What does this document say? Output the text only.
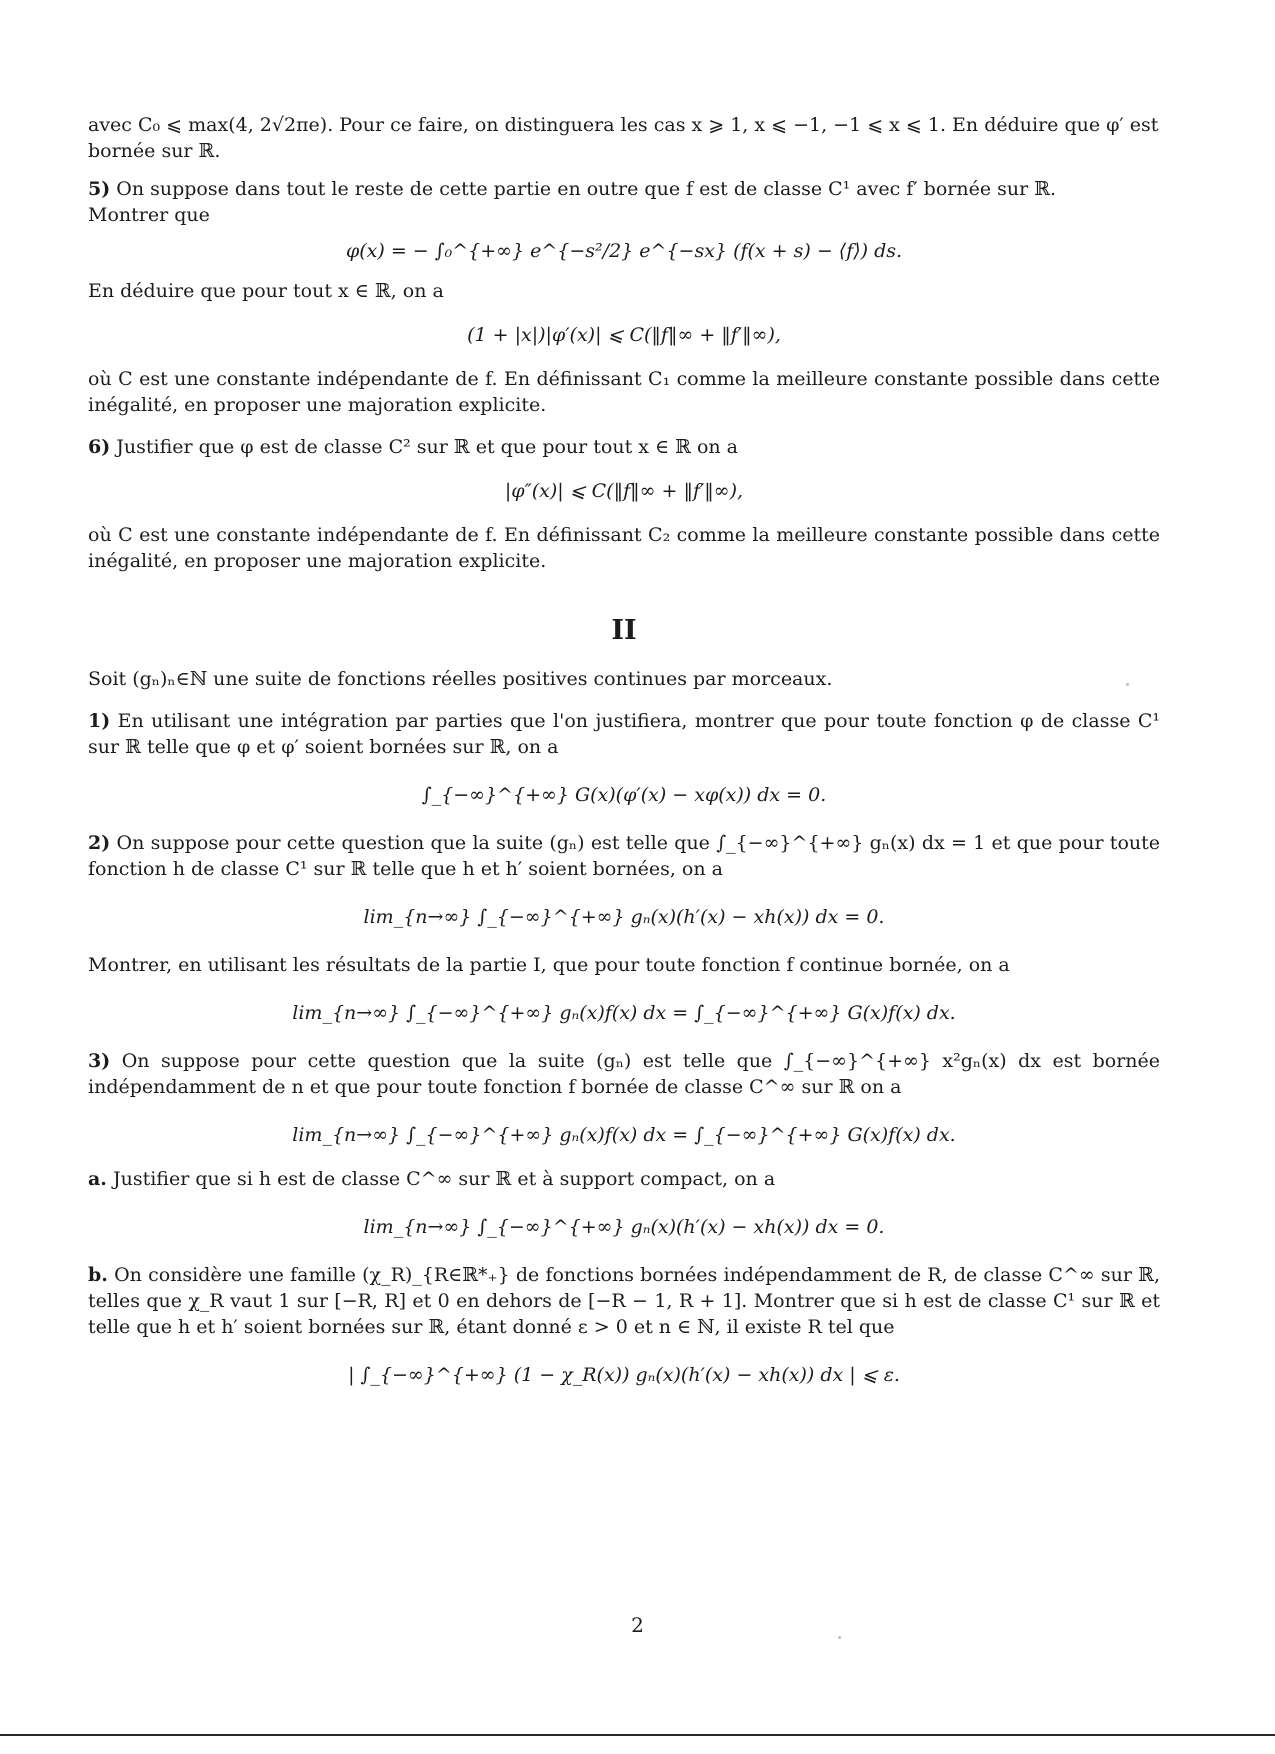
avec C₀ ⩽ max(4, 2√2πe). Pour ce faire, on distinguera les cas x ⩾ 1, x ⩽ −1, −1 ⩽ x ⩽ 1. En déduire que φ′ est
bornée sur ℝ.

5) On suppose dans tout le reste de cette partie en outre que f est de classe C¹ avec f′ bornée sur ℝ.
Montrer que

φ(x) = − ∫₀^{+∞} e^{−s²/2} e^{−sx} (f(x + s) − ⟨f⟩) ds.

En déduire que pour tout x ∈ ℝ, on a

(1 + |x|)|φ′(x)| ⩽ C(‖f‖∞ + ‖f′‖∞),

où C est une constante indépendante de f. En définissant C₁ comme la meilleure constante possible dans cette inégalité, en proposer une majoration explicite.

6) Justifier que φ est de classe C² sur ℝ et que pour tout x ∈ ℝ on a

|φ″(x)| ⩽ C(‖f‖∞ + ‖f′‖∞),

où C est une constante indépendante de f. En définissant C₂ comme la meilleure constante possible dans cette inégalité, en proposer une majoration explicite.

II

Soit (gₙ)ₙ∈ℕ une suite de fonctions réelles positives continues par morceaux.

1) En utilisant une intégration par parties que l'on justifiera, montrer que pour toute fonction φ de classe C¹ sur ℝ telle que φ et φ′ soient bornées sur ℝ, on a

∫_{−∞}^{+∞} G(x)(φ′(x) − xφ(x)) dx = 0.

2) On suppose pour cette question que la suite (gₙ) est telle que ∫_{−∞}^{+∞} gₙ(x) dx = 1 et que pour toute fonction h de classe C¹ sur ℝ telle que h et h′ soient bornées, on a

lim_{n→∞} ∫_{−∞}^{+∞} gₙ(x)(h′(x) − xh(x)) dx = 0.

Montrer, en utilisant les résultats de la partie I, que pour toute fonction f continue bornée, on a

lim_{n→∞} ∫_{−∞}^{+∞} gₙ(x)f(x) dx = ∫_{−∞}^{+∞} G(x)f(x) dx.

3) On suppose pour cette question que la suite (gₙ) est telle que ∫_{−∞}^{+∞} x²gₙ(x) dx est bornée indépendamment de n et que pour toute fonction f bornée de classe C^∞ sur ℝ on a

lim_{n→∞} ∫_{−∞}^{+∞} gₙ(x)f(x) dx = ∫_{−∞}^{+∞} G(x)f(x) dx.

a. Justifier que si h est de classe C^∞ sur ℝ et à support compact, on a

lim_{n→∞} ∫_{−∞}^{+∞} gₙ(x)(h′(x) − xh(x)) dx = 0.

b. On considère une famille (χ_R)_{R∈ℝ*₊} de fonctions bornées indépendamment de R, de classe C^∞ sur ℝ, telles que χ_R vaut 1 sur [−R, R] et 0 en dehors de [−R − 1, R + 1]. Montrer que si h est de classe C¹ sur ℝ et telle que h et h′ soient bornées sur ℝ, étant donné ε > 0 et n ∈ ℕ, il existe R tel que

| ∫_{−∞}^{+∞} (1 − χ_R(x)) gₙ(x)(h′(x) − xh(x)) dx | ⩽ ε.

2
